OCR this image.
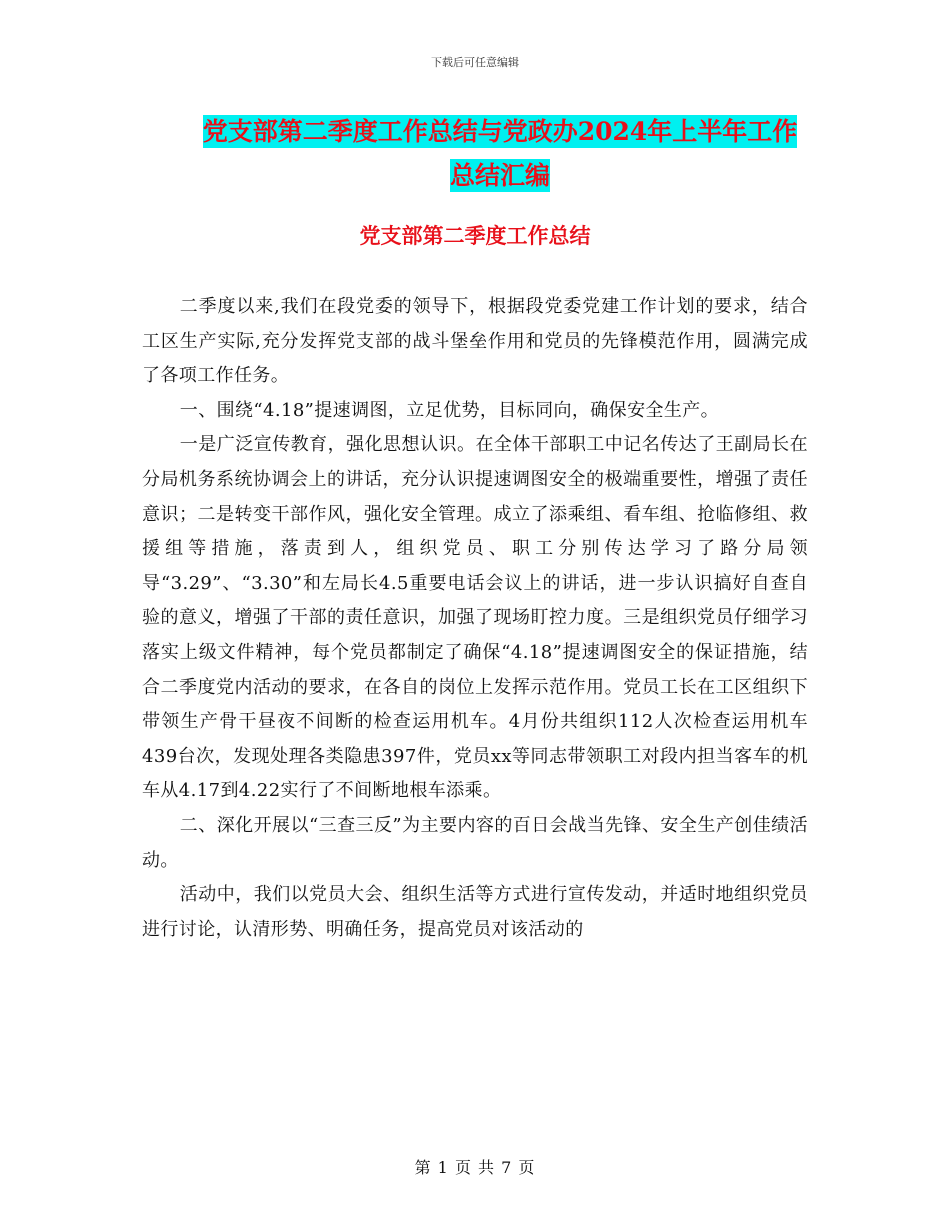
下载后可任意编辑
党支部第二季度工作总结与党政办2024年上半年工作
总结汇编
党支部第二季度工作总结

二季度以来,我们在段党委的领导下，根据段党委党建工作计划的要求，结合工区生产实际,充分发挥党支部的战斗堡垒作用和党员的先锋模范作用，圆满完成了各项工作任务。

一、围绕“4.18”提速调图，立足优势，目标同向，确保安全生产。

一是广泛宣传教育，强化思想认识。在全体干部职工中记名传达了王副局长在分局机务系统协调会上的讲话，充分认识提速调图安全的极端重要性，增强了责任意识；二是转变干部作风，强化安全管理。成立了添乘组、看车组、抢临修组、救援组等措施，落责到人，组织党员、职工分别传达学习了路分局领导“3.29”、“3.30”和左局长4.5重要电话会议上的讲话，进一步认识搞好自查自验的意义，增强了干部的责任意识，加强了现场盯控力度。三是组织党员仔细学习落实上级文件精神，每个党员都制定了确保“4.18”提速调图安全的保证措施，结合二季度党内活动的要求，在各自的岗位上发挥示范作用。党员工长在工区组织下带领生产骨干昼夜不间断的检查运用机车。4月份共组织112人次检查运用机车439台次，发现处理各类隐患397件，党员xx等同志带领职工对段内担当客车的机车从4.17到4.22实行了不间断地根车添乘。

二、深化开展以“三查三反”为主要内容的百日会战当先锋、安全生产创佳绩活动。

活动中，我们以党员大会、组织生活等方式进行宣传发动，并适时地组织党员进行讨论，认清形势、明确任务，提高党员对该活动的

第 1 页 共 7 页
